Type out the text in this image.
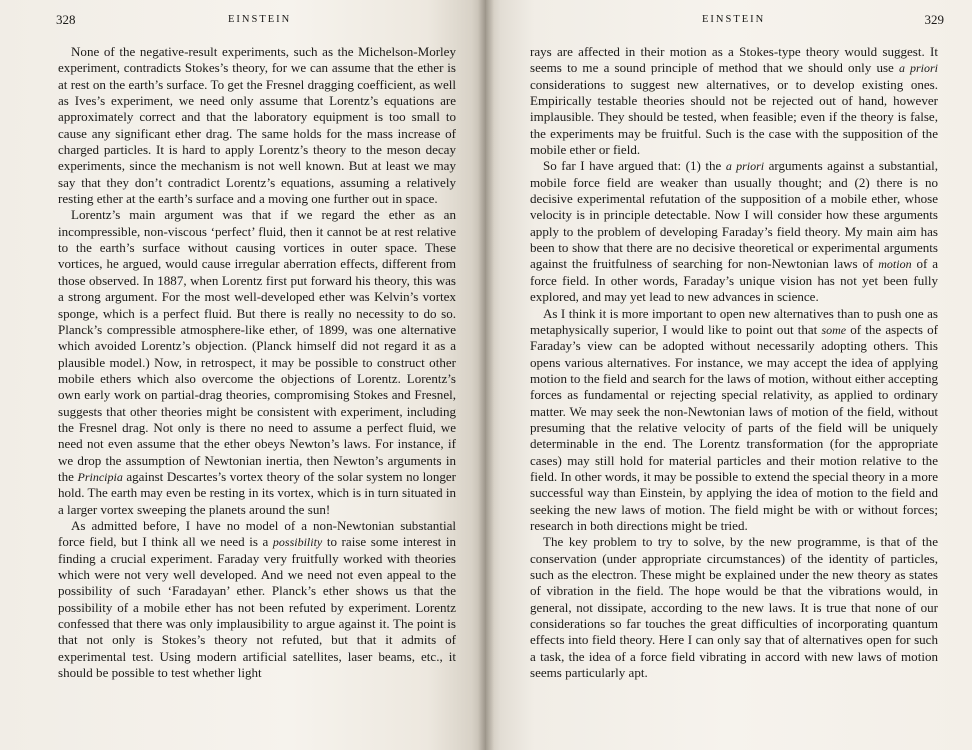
328	EINSTEIN

None of the negative-result experiments, such as the Michelson-Morley experiment, contradicts Stokes’s theory, for we can assume that the ether is at rest on the earth’s surface. To get the Fresnel dragging coefficient, as well as Ives’s experiment, we need only assume that Lorentz’s equations are approximately correct and that the laboratory equipment is too small to cause any significant ether drag. The same holds for the mass increase of charged particles. It is hard to apply Lorentz’s theory to the meson decay experiments, since the mechanism is not well known. But at least we may say that they don’t contradict Lorentz’s equations, assuming a relatively resting ether at the earth’s surface and a moving one further out in space.

Lorentz’s main argument was that if we regard the ether as an incompressible, non-viscous ‘perfect’ fluid, then it cannot be at rest relative to the earth’s surface without causing vortices in outer space. These vortices, he argued, would cause irregular aberration effects, different from those observed. In 1887, when Lorentz first put forward his theory, this was a strong argument. For the most well-developed ether was Kelvin’s vortex sponge, which is a perfect fluid. But there is really no necessity to do so. Planck’s compressible atmosphere-like ether, of 1899, was one alternative which avoided Lorentz’s objection. (Planck himself did not regard it as a plausible model.) Now, in retrospect, it may be possible to construct other mobile ethers which also overcome the objections of Lorentz. Lorentz’s own early work on partial-drag theories, compromising Stokes and Fresnel, suggests that other theories might be consistent with experiment, including the Fresnel drag. Not only is there no need to assume a perfect fluid, we need not even assume that the ether obeys Newton’s laws. For instance, if we drop the assumption of Newtonian inertia, then Newton’s arguments in the Principia against Descartes’s vortex theory of the solar system no longer hold. The earth may even be resting in its vortex, which is in turn situated in a larger vortex sweeping the planets around the sun!

As admitted before, I have no model of a non-Newtonian substantial force field, but I think all we need is a possibility to raise some interest in finding a crucial experiment. Faraday very fruitfully worked with theories which were not very well developed. And we need not even appeal to the possibility of such ‘Faradayan’ ether. Planck’s ether shows us that the possibility of a mobile ether has not been refuted by experiment. Lorentz confessed that there was only implausibility to argue against it. The point is that not only is Stokes’s theory not refuted, but that it admits of experimental test. Using modern artificial satellites, laser beams, etc., it should be possible to test whether light

EINSTEIN	329

rays are affected in their motion as a Stokes-type theory would suggest. It seems to me a sound principle of method that we should only use a priori considerations to suggest new alternatives, or to develop existing ones. Empirically testable theories should not be rejected out of hand, however implausible. They should be tested, when feasible; even if the theory is false, the experiments may be fruitful. Such is the case with the supposition of the mobile ether or field.

So far I have argued that: (1) the a priori arguments against a substantial, mobile force field are weaker than usually thought; and (2) there is no decisive experimental refutation of the supposition of a mobile ether, whose velocity is in principle detectable. Now I will consider how these arguments apply to the problem of developing Faraday’s field theory. My main aim has been to show that there are no decisive theoretical or experimental arguments against the fruitfulness of searching for non-Newtonian laws of motion of a force field. In other words, Faraday’s unique vision has not yet been fully explored, and may yet lead to new advances in science.

As I think it is more important to open new alternatives than to push one as metaphysically superior, I would like to point out that some of the aspects of Faraday’s view can be adopted without necessarily adopting others. This opens various alternatives. For instance, we may accept the idea of applying motion to the field and search for the laws of motion, without either accepting forces as fundamental or rejecting special relativity, as applied to ordinary matter. We may seek the non-Newtonian laws of motion of the field, without presuming that the relative velocity of parts of the field will be uniquely determinable in the end. The Lorentz transformation (for the appropriate cases) may still hold for material particles and their motion relative to the field. In other words, it may be possible to extend the special theory in a more successful way than Einstein, by applying the idea of motion to the field and seeking the new laws of motion. The field might be with or without forces; research in both directions might be tried.

The key problem to try to solve, by the new programme, is that of the conservation (under appropriate circumstances) of the identity of particles, such as the electron. These might be explained under the new theory as states of vibration in the field. The hope would be that the vibrations would, in general, not dissipate, according to the new laws. It is true that none of our considerations so far touches the great difficulties of incorporating quantum effects into field theory. Here I can only say that of alternatives open for such a task, the idea of a force field vibrating in accord with new laws of motion seems particularly apt.
